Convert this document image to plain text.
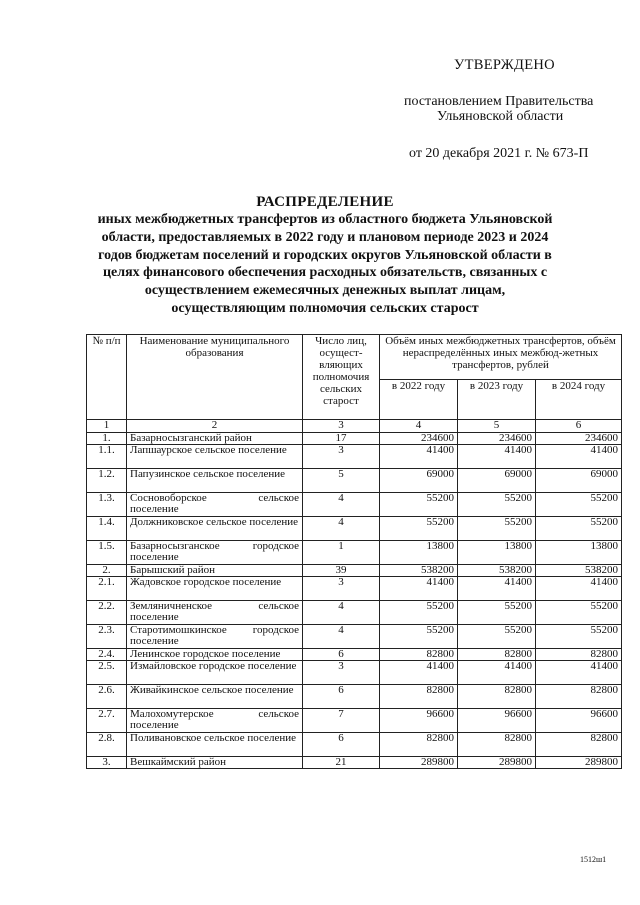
УТВЕРЖДЕНО
постановлением Правительства
Ульяновской области
от 20 декабря 2021 г. № 673-П
РАСПРЕДЕЛЕНИЕ
иных межбюджетных трансфертов из областного бюджета Ульяновской области, предоставляемых в 2022 году и плановом периоде 2023 и 2024 годов бюджетам поселений и городских округов Ульяновской области в целях финансового обеспечения расходных обязательств, связанных с осуществлением ежемесячных денежных выплат лицам, осуществляющим полномочия сельских старост
№ п/п	Наименование муниципального образования	Число лиц, осущест-вляющих полномочия сельских старост	Объём иных межбюджетных трансфертов, объём нераспределённых иных межбюд-жетных трансфертов, рублей		
			в 2022 году	в 2023 году	в 2024 году
1	2	3	4	5	6
1.	Базарносызганский район	17	234600	234600	234600
1.1.	Лапшаурское сельское поселение	3	41400	41400	41400
1.2.	Папузинское сельское поселение	5	69000	69000	69000
1.3.	Сосновоборское сельское поселение	4	55200	55200	55200
1.4.	Должниковское сельское поселение	4	55200	55200	55200
1.5.	Базарносызганское городское поселение	1	13800	13800	13800
2.	Барышский район	39	538200	538200	538200
2.1.	Жадовское городское поселение	3	41400	41400	41400
2.2.	Земляничненское сельское поселение	4	55200	55200	55200
2.3.	Старотимошкинское городское поселение	4	55200	55200	55200
2.4.	Ленинское городское поселение	6	82800	82800	82800
2.5.	Измайловское городское поселение	3	41400	41400	41400
2.6.	Живайкинское сельское поселение	6	82800	82800	82800
2.7.	Малохомутерское сельское поселение	7	96600	96600	96600
2.8.	Поливановское сельское поселение	6	82800	82800	82800
3.	Вешкаймский район	21	289800	289800	289800
1512ш1
